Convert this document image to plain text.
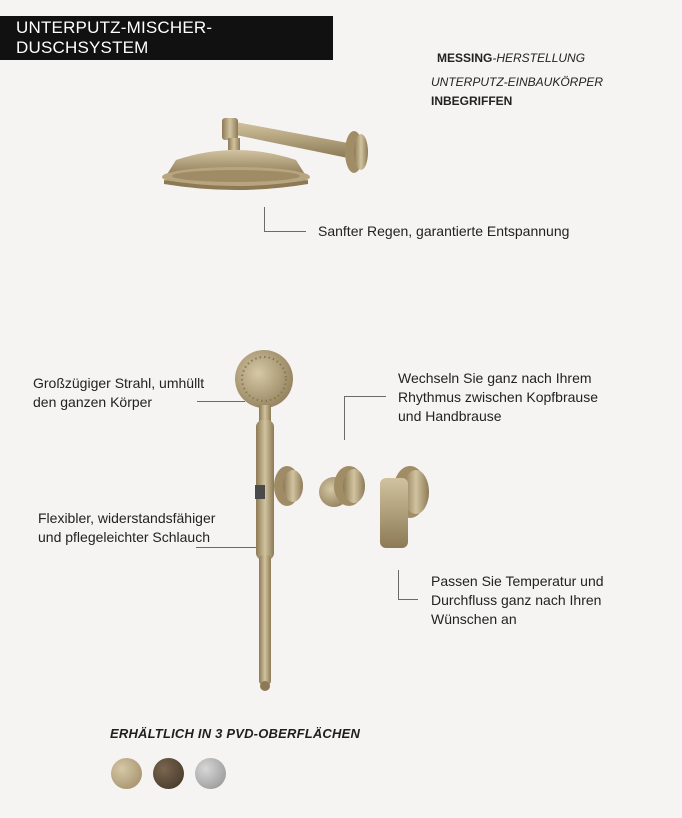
UNTERPUTZ-MISCHER-DUSCHSYSTEM
MESSING-HERSTELLUNG
UNTERPUTZ-EINBAUKÖRPER
INBEGRIFFEN
Sanfter Regen, garantierte Entspannung
Großzügiger Strahl, umhüllt
den ganzen Körper
Wechseln Sie ganz nach Ihrem
Rhythmus zwischen Kopfbrause
und Handbrause
Flexibler, widerstandsfähiger
und pflegeleichter Schlauch
Passen Sie Temperatur und
Durchfluss ganz nach Ihren
Wünschen an
ERHÄLTLICH IN 3 PVD-OBERFLÄCHEN
